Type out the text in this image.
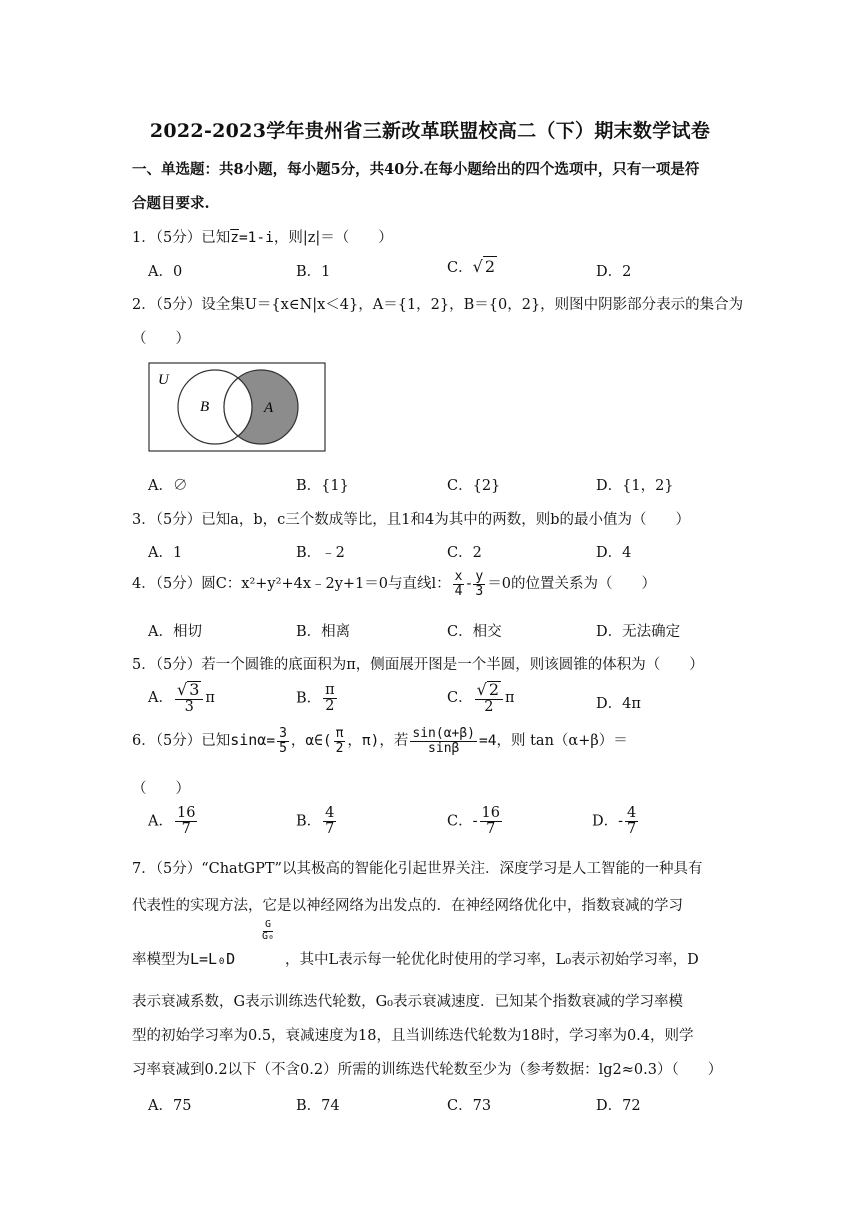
2022-2023学年贵州省三新改革联盟校高二（下）期末数学试卷
一、单选题：共8小题，每小题5分，共40分.在每小题给出的四个选项中，只有一项是符
合题目要求.
1．（5分）已知$\overline{z}=1-i$，则|z|＝（　　）
A．0	B．1	C．√ 2	D．2
2．（5分）设全集U＝{x∈N|x＜4}，A＝{1，2}，B＝{0，2}，则图中阴影部分表示的集合为
（　　）
U
B	A
A．∅	B．{1}	C．{2}	D．{1，2}
3．（5分）已知a，b，c三个数成等比，且1和4为其中的两数，则b的最小值为（　　）
A．1	B．﹣2	C．2	D．4
4．（5分）圆C：x²+y²+4x﹣2y+1＝0与直线l： $\frac{x}{4} - \frac{y}{3} =0$的位置关系为（　　）
A．相切	B．相离	C．相交	D．无法确定
5．（5分）若一个圆锥的底面积为π，侧面展开图是一个半圆，则该圆锥的体积为（　　）
A． $\frac{√ 3}{3}$ π	B． $\frac{\pi}{2}$	C． $\frac{√ 2}{2}$ π	D．4π
6．（5分）已知$\sin\alpha= \frac{3}{5}$ ，α∈( $\frac{\pi}{2}$ ，π)，若 $\frac{\sin(\alpha+\beta)}{\sin\beta} =4$，则 tan（α+β）＝
（　　）
A． $\frac{16}{7}$	B． $\frac{4}{7}$	C．- $\frac{16}{7}$	D．- $\frac{4}{7}$
7．（5分）“ChatGPT”以其极高的智能化引起世界关注．深度学习是人工智能的一种具有
代表性的实现方法，它是以神经网络为出发点的．在神经网络优化中，指数衰减的学习
率模型为L=L₀D
G
G₀
，其中L表示每一轮优化时使用的学习率，L₀表示初始学习率，D
表示衰减系数，G表示训练迭代轮数，G₀表示衰减速度．已知某个指数衰减的学习率模
型的初始学习率为0.5，衰减速度为18，且当训练迭代轮数为18时，学习率为0.4，则学
习率衰减到0.2以下（不含0.2）所需的训练迭代轮数至少为（参考数据：lg2≈0.3）（　　）
A．75	B．74	C．73	D．72
